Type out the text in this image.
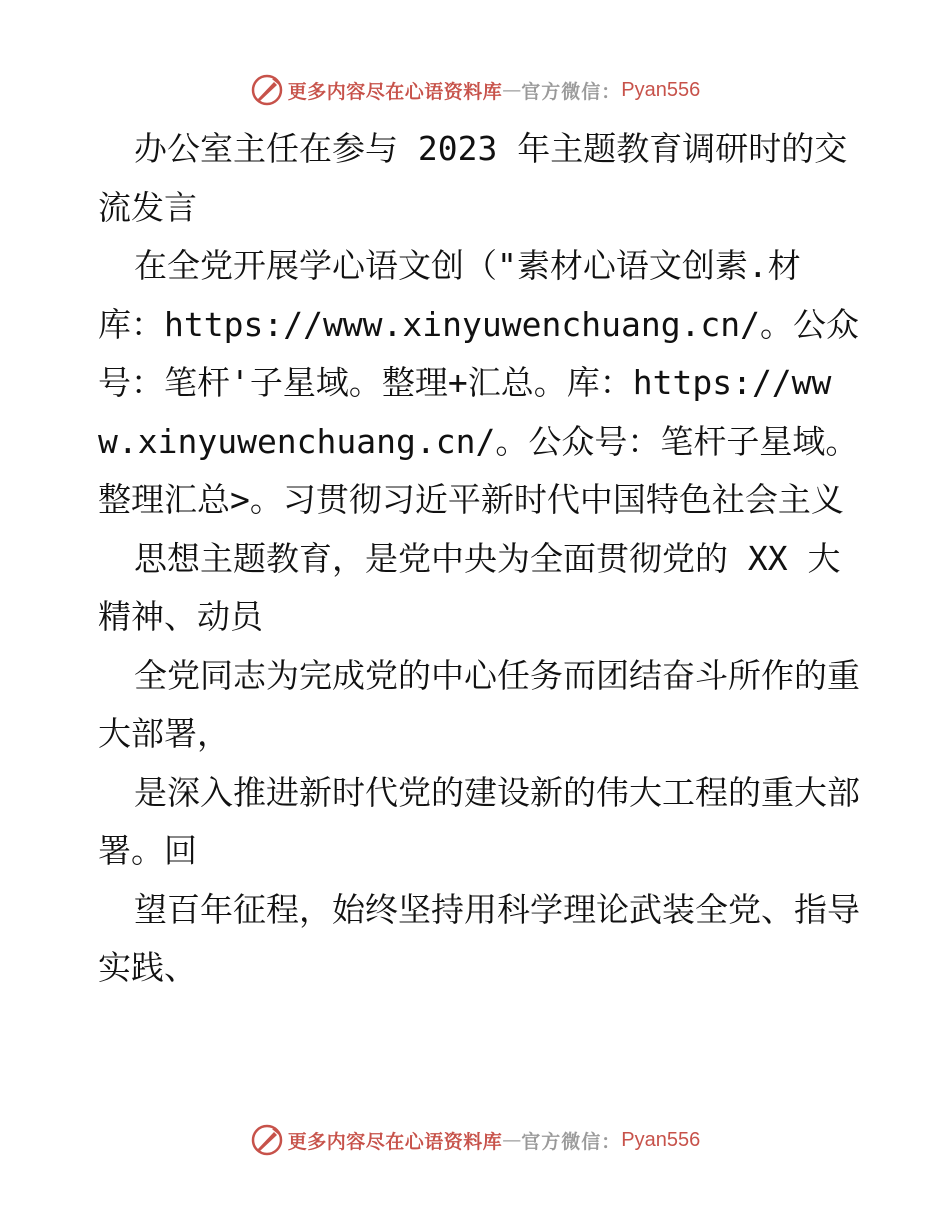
更多内容尽在心语资料库 — 官方微信： Pyan556

办公室主任在参与 2023 年主题教育调研时的交流发言

在全党开展学心语文创（"素材心语文创素.材库：https://www.xinyuwenchuang.cn/。公众号：笔杆'子星域。整理+汇总。库：https://www.xinyuwenchuang.cn/。公众号：笔杆子星域。整理汇总>。习贯彻习近平新时代中国特色社会主义

思想主题教育，是党中央为全面贯彻党的 XX 大精神、动员

全党同志为完成党的中心任务而团结奋斗所作的重大部署，

是深入推进新时代党的建设新的伟大工程的重大部署。回

望百年征程，始终坚持用科学理论武装全党、指导实践、

更多内容尽在心语资料库 — 官方微信： Pyan556
